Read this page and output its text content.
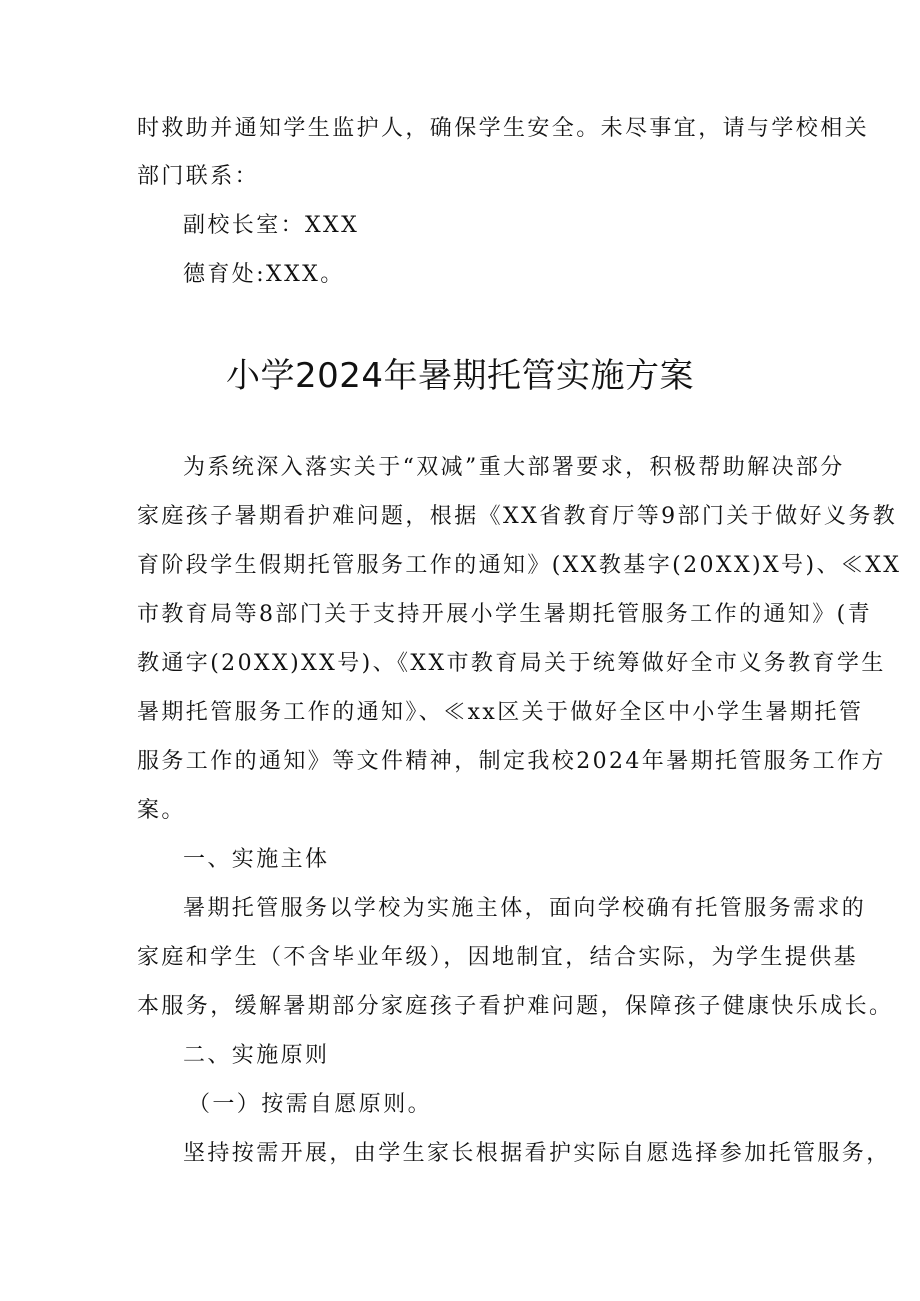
时救助并通知学生监护人，确保学生安全。未尽事宜，请与学校相关
部门联系：
副校长室：XXX
德育处:XXX。
小学2024年暑期托管实施方案
为系统深入落实关于“双减”重大部署要求，积极帮助解决部分
家庭孩子暑期看护难问题，根据《XX省教育厅等9部门关于做好义务教
育阶段学生假期托管服务工作的通知》(XX教基字(20XX)X号)、≪XX
市教育局等8部门关于支持开展小学生暑期托管服务工作的通知》(青
教通字(20XX)XX号)、《XX市教育局关于统筹做好全市义务教育学生
暑期托管服务工作的通知》、≪xx区关于做好全区中小学生暑期托管
服务工作的通知》等文件精神，制定我校2024年暑期托管服务工作方
案。
一、实施主体
暑期托管服务以学校为实施主体，面向学校确有托管服务需求的
家庭和学生（不含毕业年级），因地制宜，结合实际，为学生提供基
本服务，缓解暑期部分家庭孩子看护难问题，保障孩子健康快乐成长。
二、实施原则
（一）按需自愿原则。
坚持按需开展，由学生家长根据看护实际自愿选择参加托管服务，
